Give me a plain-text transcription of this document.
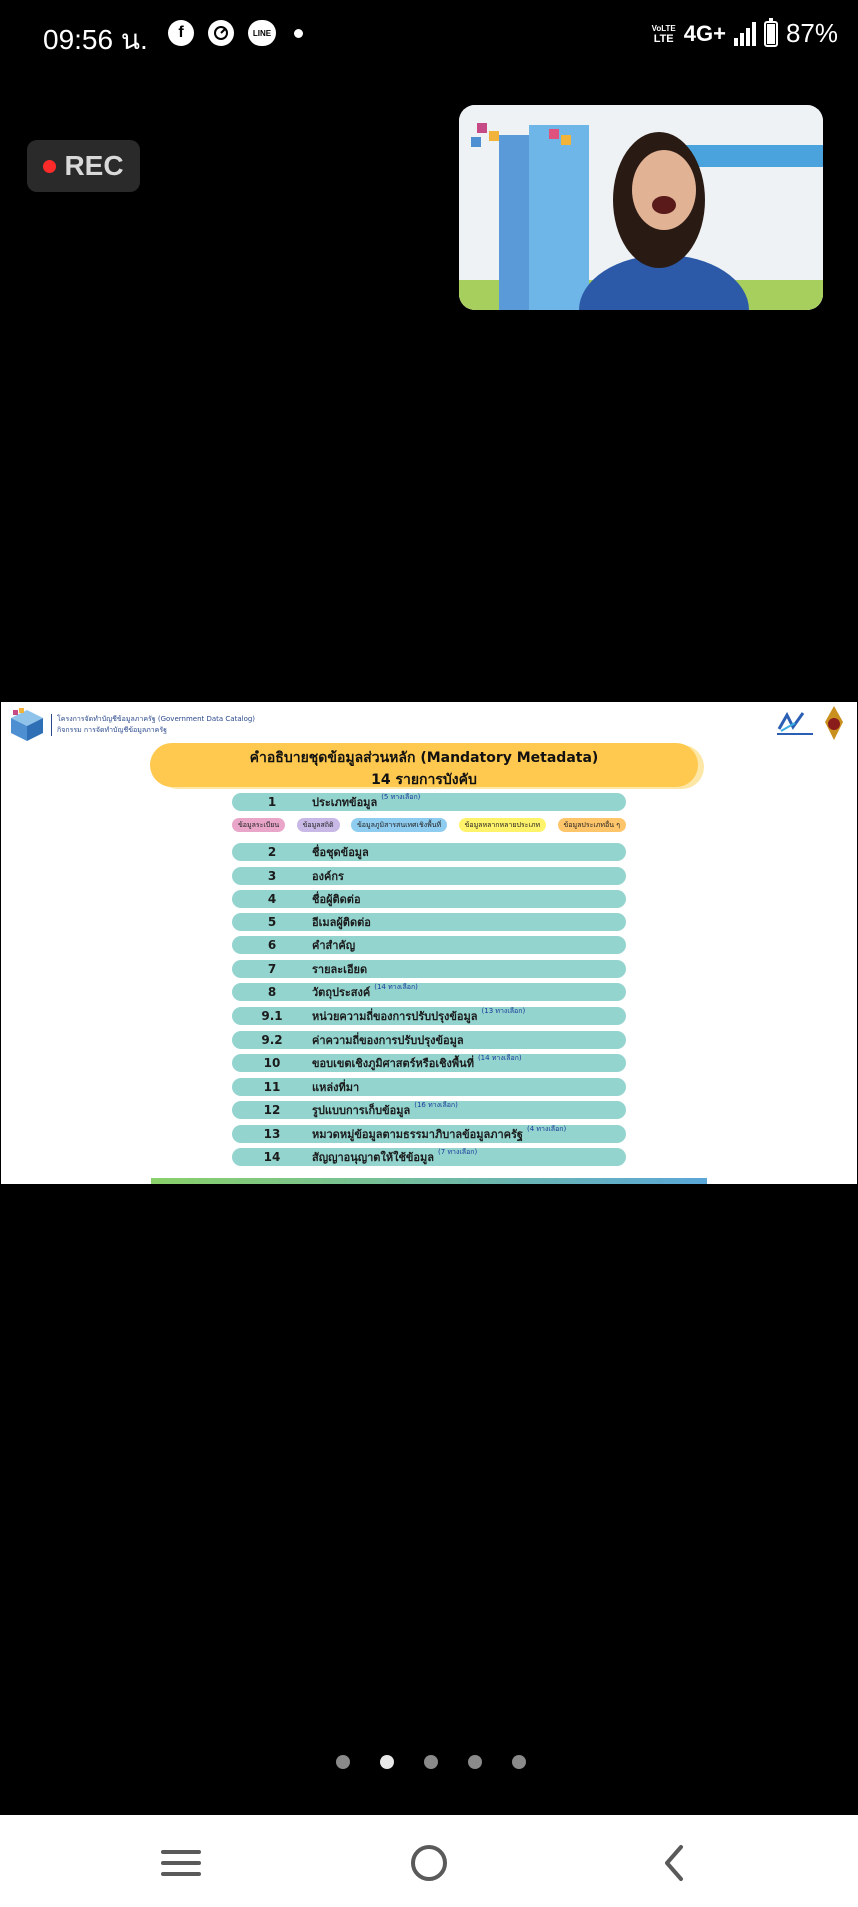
09:56 น.	f	LINE
VoLTE
LTE 4G+ 87%
REC
โครงการจัดทำบัญชีข้อมูลภาครัฐ (Government Data Catalog)
กิจกรรม การจัดทำบัญชีข้อมูลภาครัฐ
คำอธิบายชุดข้อมูลส่วนหลัก (Mandatory Metadata)
14 รายการบังคับ
1	ประเภทข้อมูล (5 ทางเลือก)
2	ชื่อชุดข้อมูล
3	องค์กร
4	ชื่อผู้ติดต่อ
5	อีเมลผู้ติดต่อ
6	คำสำคัญ
7	รายละเอียด
8	วัตถุประสงค์ (14 ทางเลือก)
9.1	หน่วยความถี่ของการปรับปรุงข้อมูล (13 ทางเลือก)
9.2	ค่าความถี่ของการปรับปรุงข้อมูล
10	ขอบเขตเชิงภูมิศาสตร์หรือเชิงพื้นที่ (14 ทางเลือก)
11	แหล่งที่มา
12	รูปแบบการเก็บข้อมูล (16 ทางเลือก)
13	หมวดหมู่ข้อมูลตามธรรมาภิบาลข้อมูลภาครัฐ (4 ทางเลือก)
14	สัญญาอนุญาตให้ใช้ข้อมูล (7 ทางเลือก)
ข้อมูลระเบียน	ข้อมูลสถิติ	ข้อมูลภูมิสารสนเทศเชิงพื้นที่	ข้อมูลหลากหลายประเภท	ข้อมูลประเภทอื่น ๆ
